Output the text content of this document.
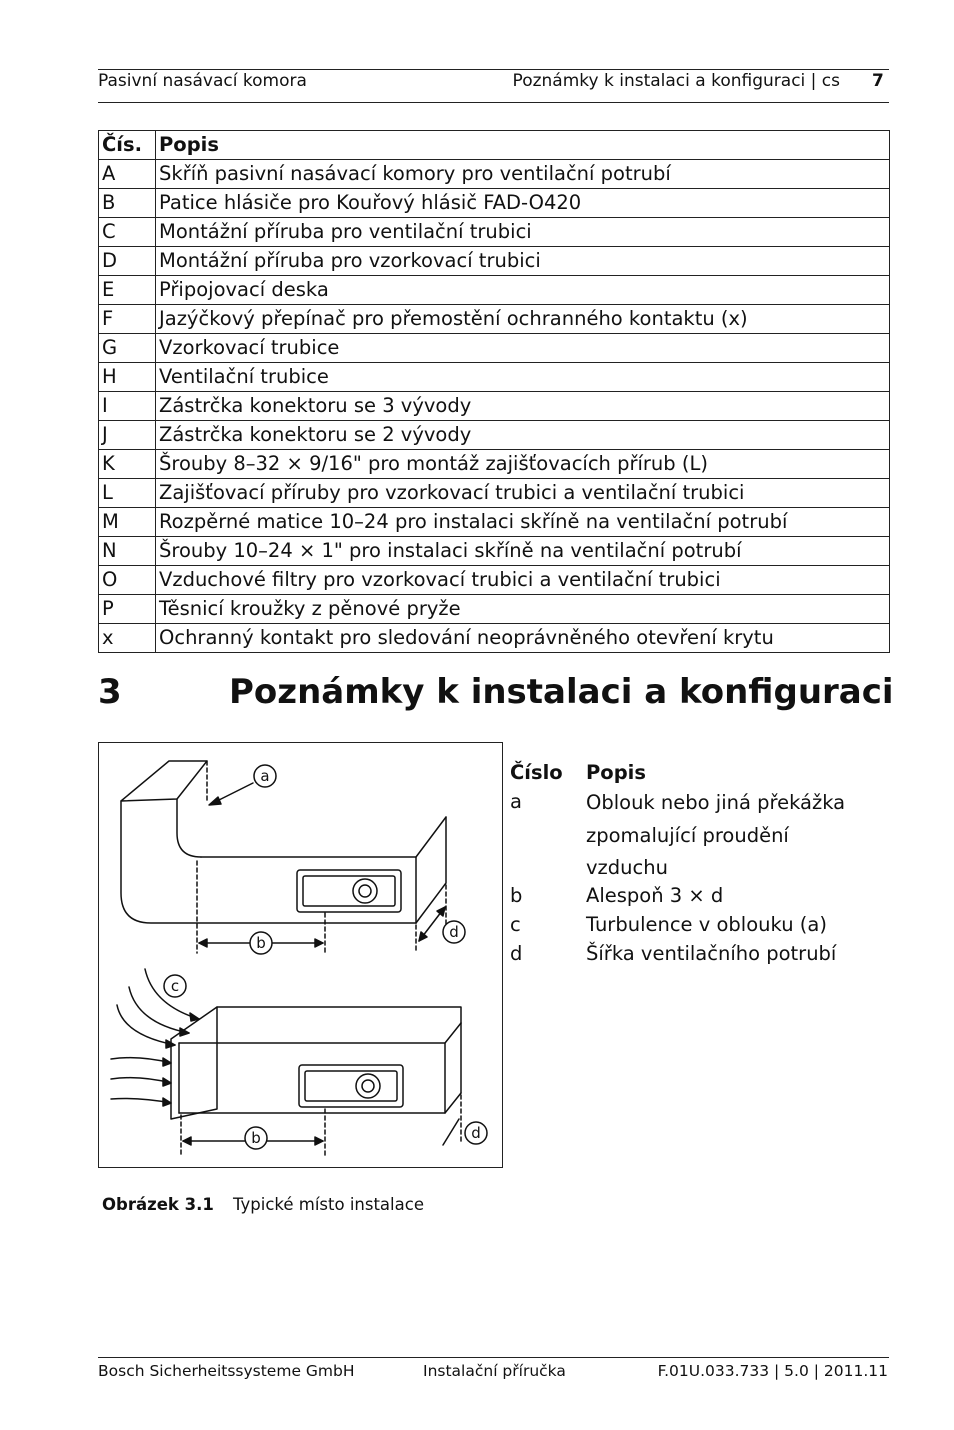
Pasivní nasávací komora	Poznámky k instalaci a konfiguraci | cs 7
Čís.	Popis
A	Skříň pasivní nasávací komory pro ventilační potrubí
B	Patice hlásiče pro Kouřový hlásič FAD-O420
C	Montážní příruba pro ventilační trubici
D	Montážní příruba pro vzorkovací trubici
E	Připojovací deska
F	Jazýčkový přepínač pro přemostění ochranného kontaktu (x)
G	Vzorkovací trubice
H	Ventilační trubice
I	Zástrčka konektoru se 3 vývody
J	Zástrčka konektoru se 2 vývody
K	Šrouby 8–32 × 9/16" pro montáž zajišťovacích přírub (L)
L	Zajišťovací příruby pro vzorkovací trubici a ventilační trubici
M	Rozpěrné matice 10–24 pro instalaci skříně na ventilační potrubí
N	Šrouby 10–24 × 1" pro instalaci skříně na ventilační potrubí
O	Vzduchové filtry pro vzorkovací trubici a ventilační trubici
P	Těsnicí kroužky z pěnové pryže
x	Ochranný kontakt pro sledování neoprávněného otevření krytu
3	Poznámky k instalaci a konfiguraci
a
b
d
c
b	d
Číslo Popis
a	Oblouk nebo jiná překážka zpomalující proudění vzduchu
b	Alespoň 3 × d
c	Turbulence v oblouku (a)
d	Šířka ventilačního potrubí
Obrázek 3.1 Typické místo instalace
Bosch Sicherheitssysteme GmbH	Instalační příručka	F.01U.033.733 | 5.0 | 2011.11
